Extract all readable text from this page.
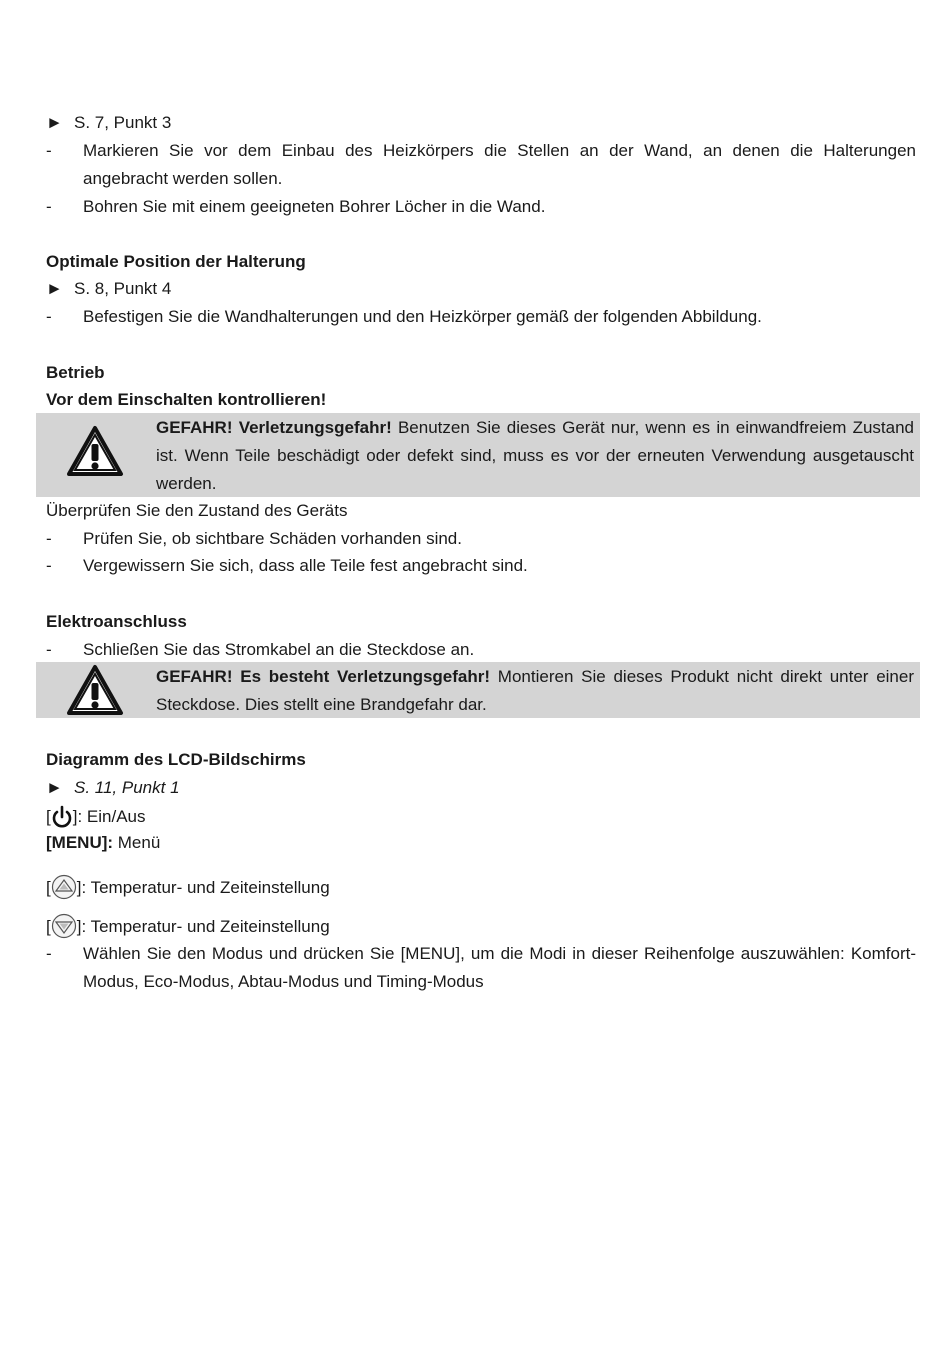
► S. 7, Punkt 3
-	Markieren Sie vor dem Einbau des Heizkörpers die Stellen an der Wand, an denen die Halterungen angebracht werden sollen.
-	Bohren Sie mit einem geeigneten Bohrer Löcher in die Wand.
Optimale Position der Halterung
► S. 8, Punkt 4
-	Befestigen Sie die Wandhalterungen und den Heizkörper gemäß der folgenden Abbildung.
Betrieb
Vor dem Einschalten kontrollieren!
GEFAHR! Verletzungsgefahr! Benutzen Sie dieses Gerät nur, wenn es in einwandfreiem Zustand ist. Wenn Teile beschädigt oder defekt sind, muss es vor der erneuten Verwendung ausgetauscht werden.
Überprüfen Sie den Zustand des Geräts
-	Prüfen Sie, ob sichtbare Schäden vorhanden sind.
-	Vergewissern Sie sich, dass alle Teile fest angebracht sind.
Elektroanschluss
-	Schließen Sie das Stromkabel an die Steckdose an.
GEFAHR! Es besteht Verletzungsgefahr! Montieren Sie dieses Produkt nicht direkt unter einer Steckdose. Dies stellt eine Brandgefahr dar.
Diagramm des LCD-Bildschirms
► S. 11, Punkt 1
[ ]: Ein/Aus
[MENU]: Menü
[ ]: Temperatur- und Zeiteinstellung
[ ]: Temperatur- und Zeiteinstellung
-	Wählen Sie den Modus und drücken Sie [MENU], um die Modi in dieser Reihenfolge auszuwählen: Komfort-Modus, Eco-Modus, Abtau-Modus und Timing-Modus
